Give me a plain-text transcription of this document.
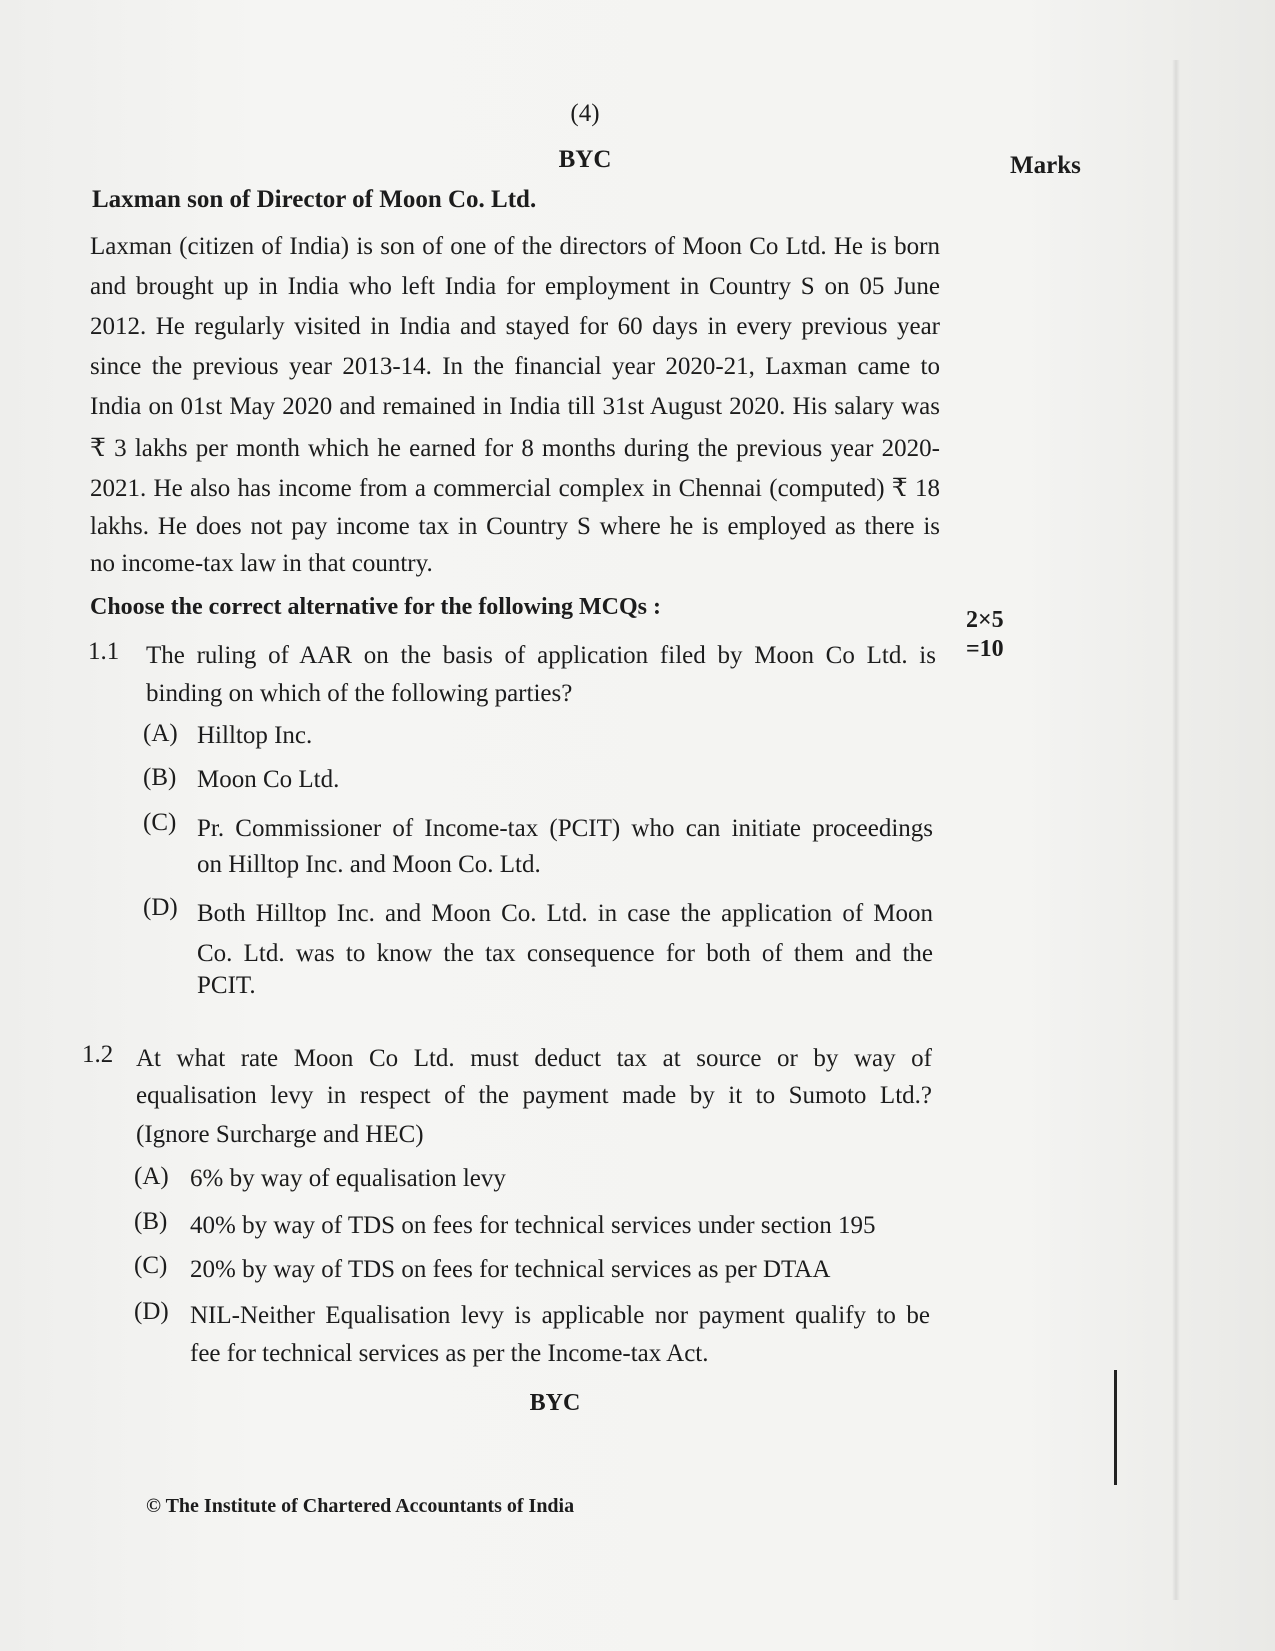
(4)
BYC	Marks
Laxman son of Director of Moon Co. Ltd.
Laxman (citizen of India) is son of one of the directors of Moon Co Ltd. He is born
and brought up in India who left India for employment in Country S on 05 June
2012. He regularly visited in India and stayed for 60 days in every previous year
since the previous year 2013-14. In the financial year 2020-21, Laxman came to
India on 01st May 2020 and remained in India till 31st August 2020. His salary was
₹ 3 lakhs per month which he earned for 8 months during the previous year 2020-
2021. He also has income from a commercial complex in Chennai (computed) ₹ 18
lakhs. He does not pay income tax in Country S where he is employed as there is
no income-tax law in that country.
Choose the correct alternative for the following MCQs :	2×5
=10
1.1 The ruling of AAR on the basis of application filed by Moon Co Ltd. is
binding on which of the following parties?
(A) Hilltop Inc.
(B) Moon Co Ltd.
(C) Pr. Commissioner of Income-tax (PCIT) who can initiate proceedings
on Hilltop Inc. and Moon Co. Ltd.
(D) Both Hilltop Inc. and Moon Co. Ltd. in case the application of Moon
Co. Ltd. was to know the tax consequence for both of them and the
PCIT.
1.2 At what rate Moon Co Ltd. must deduct tax at source or by way of
equalisation levy in respect of the payment made by it to Sumoto Ltd.?
(Ignore Surcharge and HEC)
(A) 6% by way of equalisation levy
(B) 40% by way of TDS on fees for technical services under section 195
(C) 20% by way of TDS on fees for technical services as per DTAA
(D) NIL-Neither Equalisation levy is applicable nor payment qualify to be
fee for technical services as per the Income-tax Act.
BYC
© The Institute of Chartered Accountants of India
